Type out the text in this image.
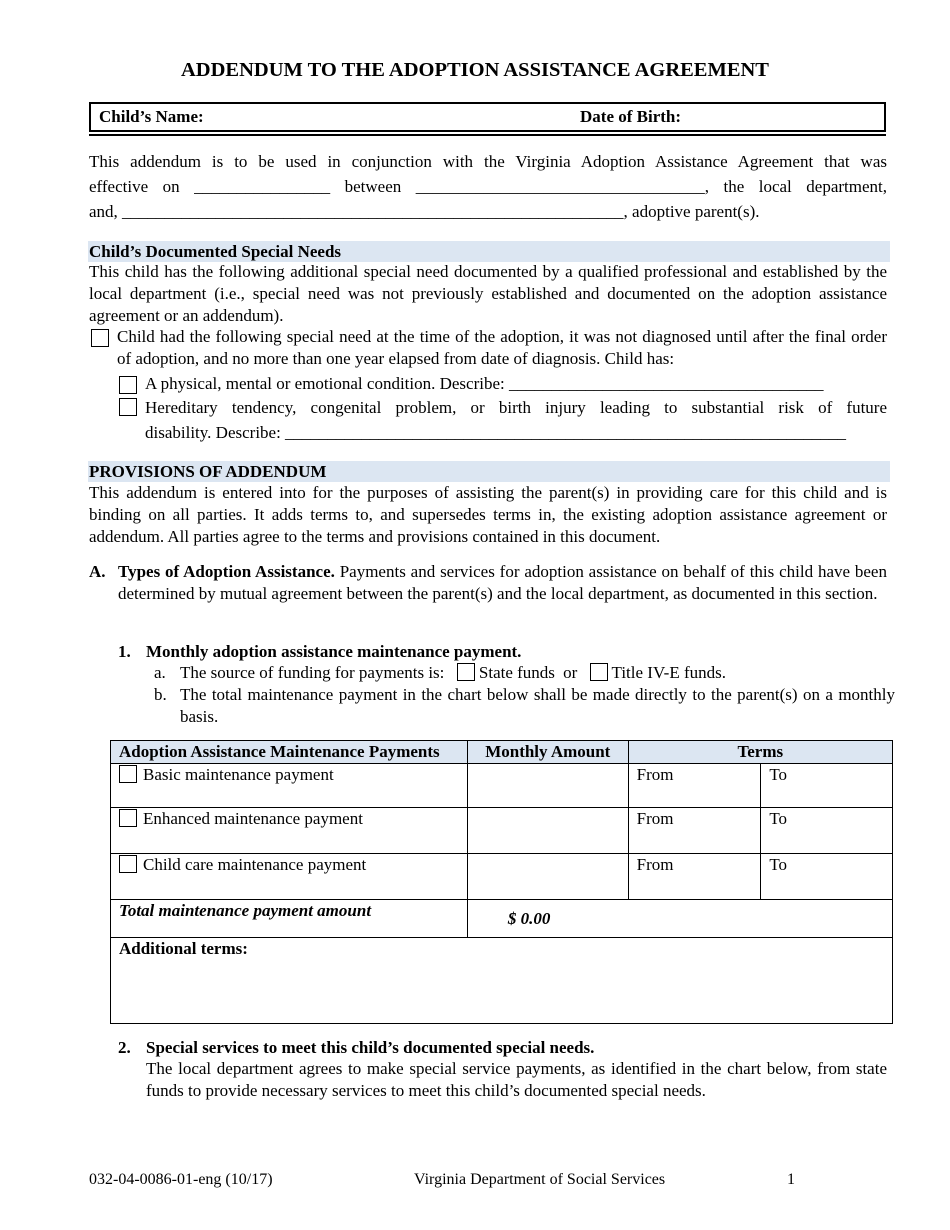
ADDENDUM TO THE ADOPTION ASSISTANCE AGREEMENT
Child’s Name:	Date of Birth:
This addendum is to be used in conjunction with the Virginia Adoption Assistance Agreement that was
effective on ________________ between __________________________________, the local department,
and, ___________________________________________________________, adoptive parent(s).
Child’s Documented Special Needs
This child has the following additional special need documented by a qualified professional and established by the local department (i.e., special need was not previously established and documented on the adoption assistance agreement or an addendum).
Child had the following special need at the time of the adoption, it was not diagnosed until after the final order of adoption, and no more than one year elapsed from date of diagnosis. Child has:
A physical, mental or emotional condition. Describe: _____________________________________
Hereditary tendency, congenital problem, or birth injury leading to substantial risk of future
disability. Describe: __________________________________________________________________
PROVISIONS OF ADDENDUM
This addendum is entered into for the purposes of assisting the parent(s) in providing care for this child and is binding on all parties. It adds terms to, and supersedes terms in, the existing adoption assistance agreement or addendum. All parties agree to the terms and provisions contained in this document.
A. Types of Adoption Assistance. Payments and services for adoption assistance on behalf of this child have been determined by mutual agreement between the parent(s) and the local department, as documented in this section.
1. Monthly adoption assistance maintenance payment.
a. The source of funding for payments is: State funds or Title IV-E funds.
b. The total maintenance payment in the chart below shall be made directly to the parent(s) on a monthly basis.
Adoption Assistance Maintenance Payments	Monthly Amount	Terms	
Basic maintenance payment		From	To
Enhanced maintenance payment		From	To
Child care maintenance payment		From	To
Total maintenance payment amount	$ 0.00		
Additional terms:			
2. Special services to meet this child’s documented special needs.
The local department agrees to make special service payments, as identified in the chart below, from state funds to provide necessary services to meet this child’s documented special needs.
032-04-0086-01-eng (10/17)	Virginia Department of Social Services	1
